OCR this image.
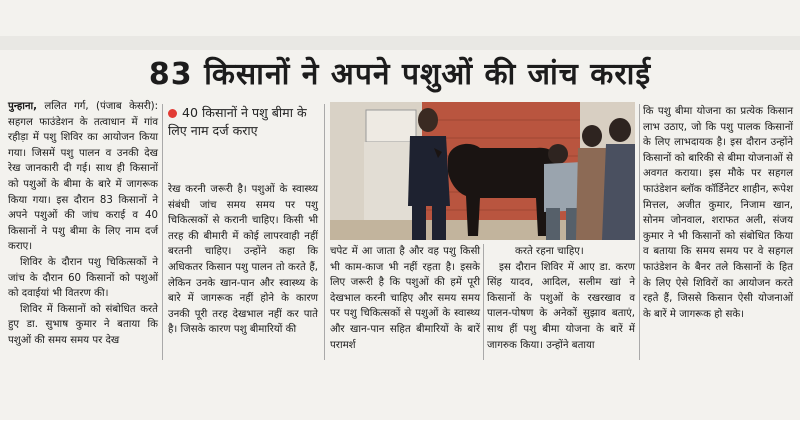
83 किसानों ने अपने पशुओं की जांच कराई

पुन्हाना, ललित गर्ग, (पंजाब केसरी): सहगल फाउंडेशन के तत्वाधान में गांव रहीड़ा में पशु शिविर का आयोजन किया गया। जिसमें पशु पालन व उनकी देख रेख जानकारी दी गई। साथ ही किसानों को पशुओं के बीमा के बारे में जागरूक किया गया। इस दौरान 83 किसानों ने अपने पशुओं की जांच कराई व 40 किसानों ने पशु बीमा के लिए नाम दर्ज कराए।

शिविर के दौरान पशु चिकित्सकों ने जांच के दौरान 60 किसानों को पशुओं को दवाईयां भी वितरण की।

शिविर में किसानों को संबोधित करते हुए डा. सुभाष कुमार ने बताया कि पशुओं की समय समय पर देख

40 किसानों ने पशु बीमा के लिए नाम दर्ज कराए

रेख करनी जरूरी है। पशुओं के स्वास्थ्य संबंधी जांच समय समय पर पशु चिकित्सकों से करानी चाहिए। किसी भी तरह की बीमारी में कोई लापरवाही नहीं बरतनी चाहिए। उन्होंने कहा कि अधिकतर किसान पशु पालन तो करते हैं, लेकिन उनके खान-पान और स्वास्थ्य के बारे में जागरूक नहीं होने के कारण उनकी पूरी तरह देखभाल नहीं कर पाते है। जिसके कारण पशु बीमारियों की

चपेट में आ जाता है और वह पशु किसी भी काम-काज भी नहीं रहता है। इसके लिए जरूरी है कि पशुओं की हमें पूरी देखभाल करनी चाहिए और समय समय पर पशु चिकित्सकों से पशुओं के स्वास्थ्य और खान-पान सहित बीमारियों के बारें परामर्श

करते रहना चाहिए।

इस दौरान शिविर में आए डा. करण सिंह यादव, आदिल, सलीम खां ने किसानों के पशुओं के रखरखाव व पालन-पोषण के अनेकों सुझाव बताएं, साथ हीं पशु बीमा योजना के बारें में जागरुक किया। उन्होंने बताया

कि पशु बीमा योजना का प्रत्येक किसान लाभ उठाए, जो कि पशु पालक किसानों के लिए लाभदायक है। इस दौरान उन्होंने किसानों को बारिकी से बीमा योजनाओं से अवगत कराया। इस मौके पर सहगल फाउंडेशन ब्लॉक कॉर्डिनेटर शाहीन, रूपेश मित्तल, अजीत कुमार, निजाम खान, सोनम जोनवाल, शराफत अली, संजय कुमार ने भी किसानों को संबोधित किया व बताया कि समय समय पर वे सहगल फाउंडेशन के बैनर तले किसानों के हित के लिए ऐसे शिविरों का आयोजन करते रहते हैं, जिससे किसान ऐसी योजनाओं के बारें मे जागरूक हो सके।
